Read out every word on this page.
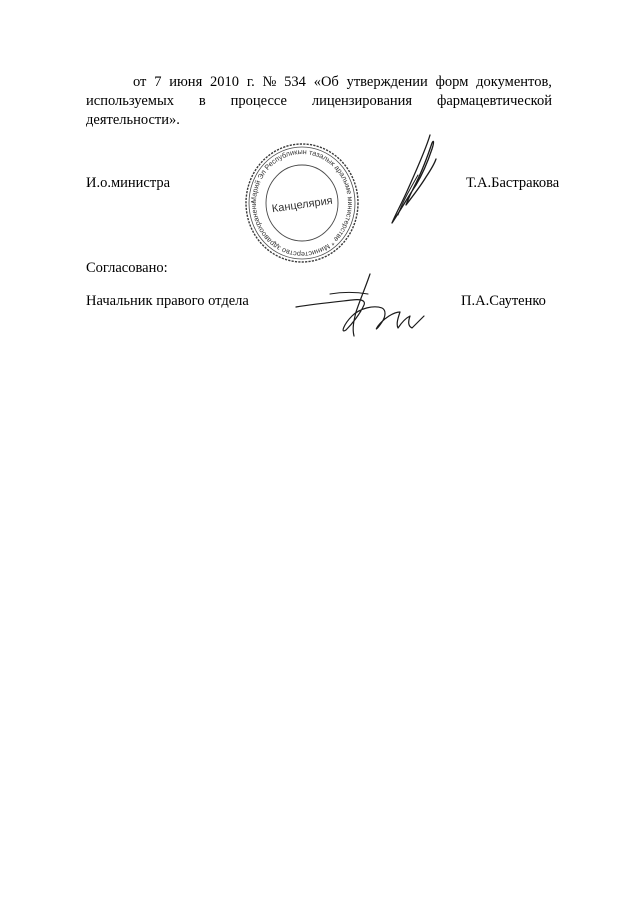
от 7 июня 2010 г. № 534 «Об утверждении форм документов,
используемых в процессе лицензирования фармацевтической
деятельности».
И.о.министра	Т.А.Бастракова
Марий Эл Республикын тазалык аралыме министерстве * Министерство здравоохранени	Канцелярия
Согласовано:
Начальник правого отдела	П.А.Саутенко
